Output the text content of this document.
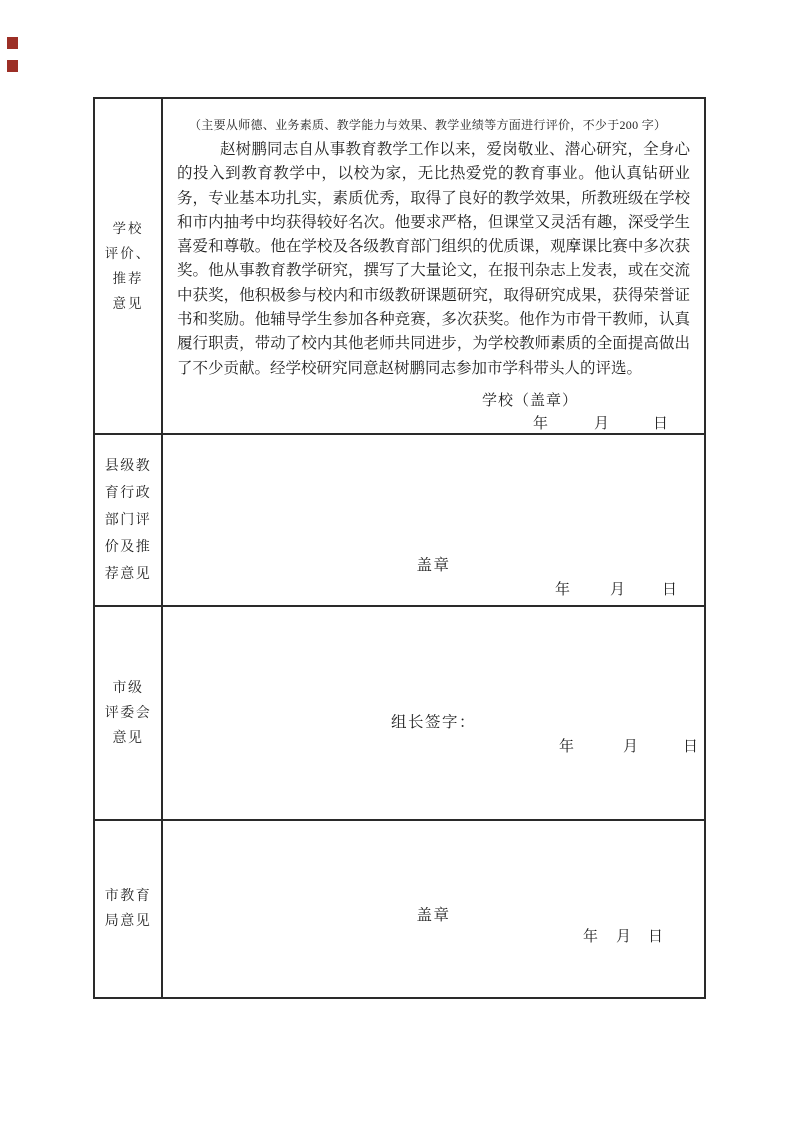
学校
评价、
推荐
意见
（主要从师德、业务素质、教学能力与效果、教学业绩等方面进行评价，不少于200 字）
赵树鹏同志自从事教育教学工作以来，爱岗敬业、潜心研究，全身心的投入到教育教学中，以校为家，无比热爱党的教育事业。他认真钻研业务，专业基本功扎实，素质优秀，取得了良好的教学效果，所教班级在学校和市内抽考中均获得较好名次。他要求严格，但课堂又灵活有趣，深受学生喜爱和尊敬。他在学校及各级教育部门组织的优质课，观摩课比赛中多次获奖。他从事教育教学研究，撰写了大量论文，在报刊杂志上发表，或在交流中获奖，他积极参与校内和市级教研课题研究，取得研究成果，获得荣誉证书和奖励。他辅导学生参加各种竞赛，多次获奖。他作为市骨干教师，认真履行职责，带动了校内其他老师共同进步，为学校教师素质的全面提高做出了不少贡献。经学校研究同意赵树鹏同志参加市学科带头人的评选。
学校（盖章）
年	月	日
县级教
育行政
部门评
价及推
荐意见	盖章
年	月 日
市级
评委会
意见
组长签字：
年	月	日
市教育
局意见	盖章
年 月 日
